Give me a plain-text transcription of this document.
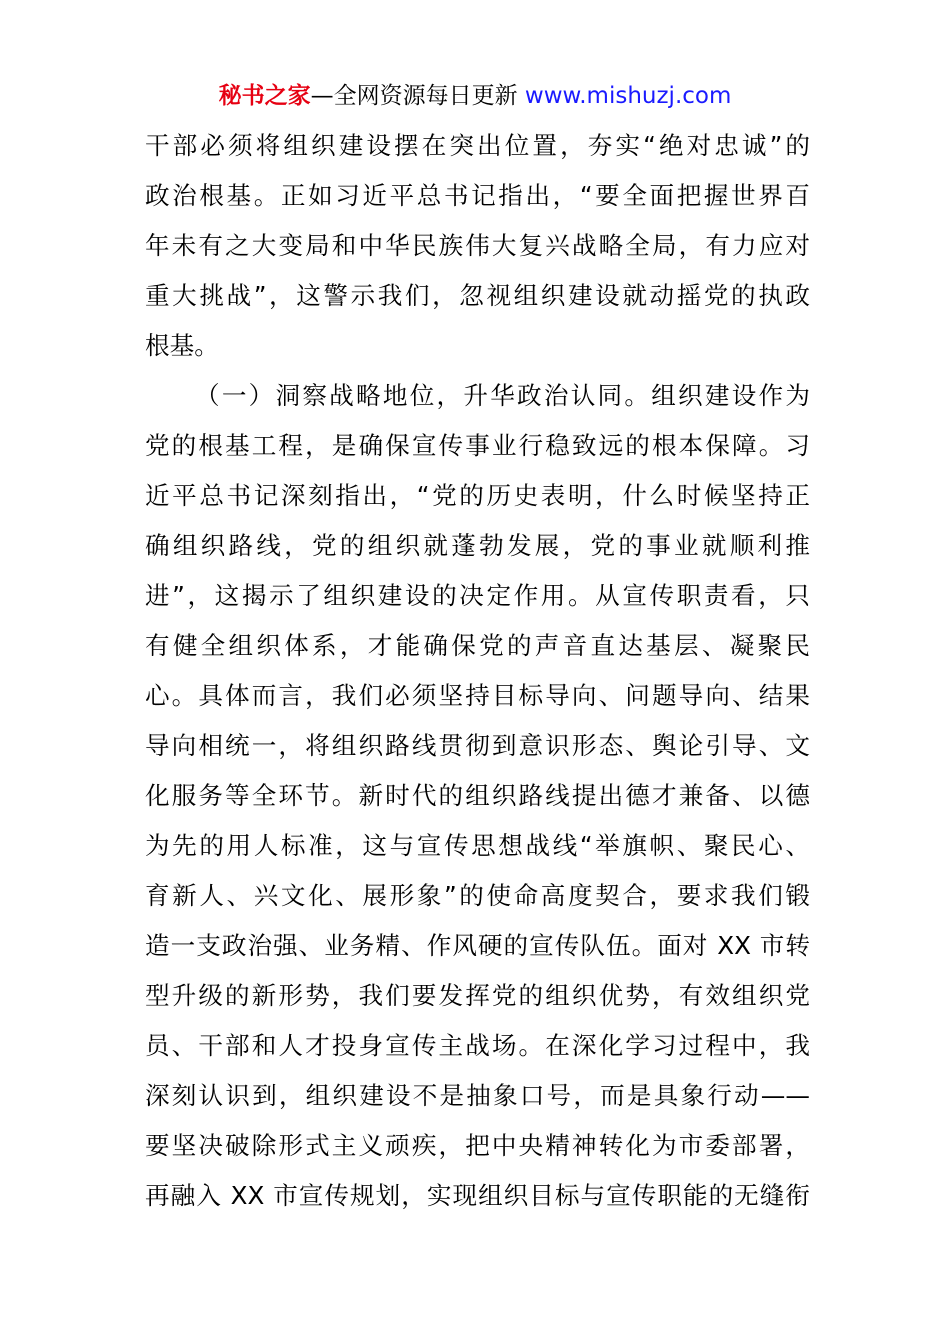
秘书之家—全网资源每日更新 www.mishuzj.com
干部必须将组织建设摆在突出位置，夯实“绝对忠诚”的
政治根基。正如习近平总书记指出，“要全面把握世界百
年未有之大变局和中华民族伟大复兴战略全局，有力应对
重大挑战”，这警示我们，忽视组织建设就动摇党的执政
根基。
（一）洞察战略地位，升华政治认同。组织建设作为
党的根基工程，是确保宣传事业行稳致远的根本保障。习
近平总书记深刻指出，“党的历史表明，什么时候坚持正
确组织路线，党的组织就蓬勃发展，党的事业就顺利推
进”，这揭示了组织建设的决定作用。从宣传职责看，只
有健全组织体系，才能确保党的声音直达基层、凝聚民
心。具体而言，我们必须坚持目标导向、问题导向、结果
导向相统一，将组织路线贯彻到意识形态、舆论引导、文
化服务等全环节。新时代的组织路线提出德才兼备、以德
为先的用人标准，这与宣传思想战线“举旗帜、聚民心、
育新人、兴文化、展形象”的使命高度契合，要求我们锻
造一支政治强、业务精、作风硬的宣传队伍。面对 XX 市转
型升级的新形势，我们要发挥党的组织优势，有效组织党
员、干部和人才投身宣传主战场。在深化学习过程中，我
深刻认识到，组织建设不是抽象口号，而是具象行动——
要坚决破除形式主义顽疾，把中央精神转化为市委部署，
再融入 XX 市宣传规划，实现组织目标与宣传职能的无缝衔
